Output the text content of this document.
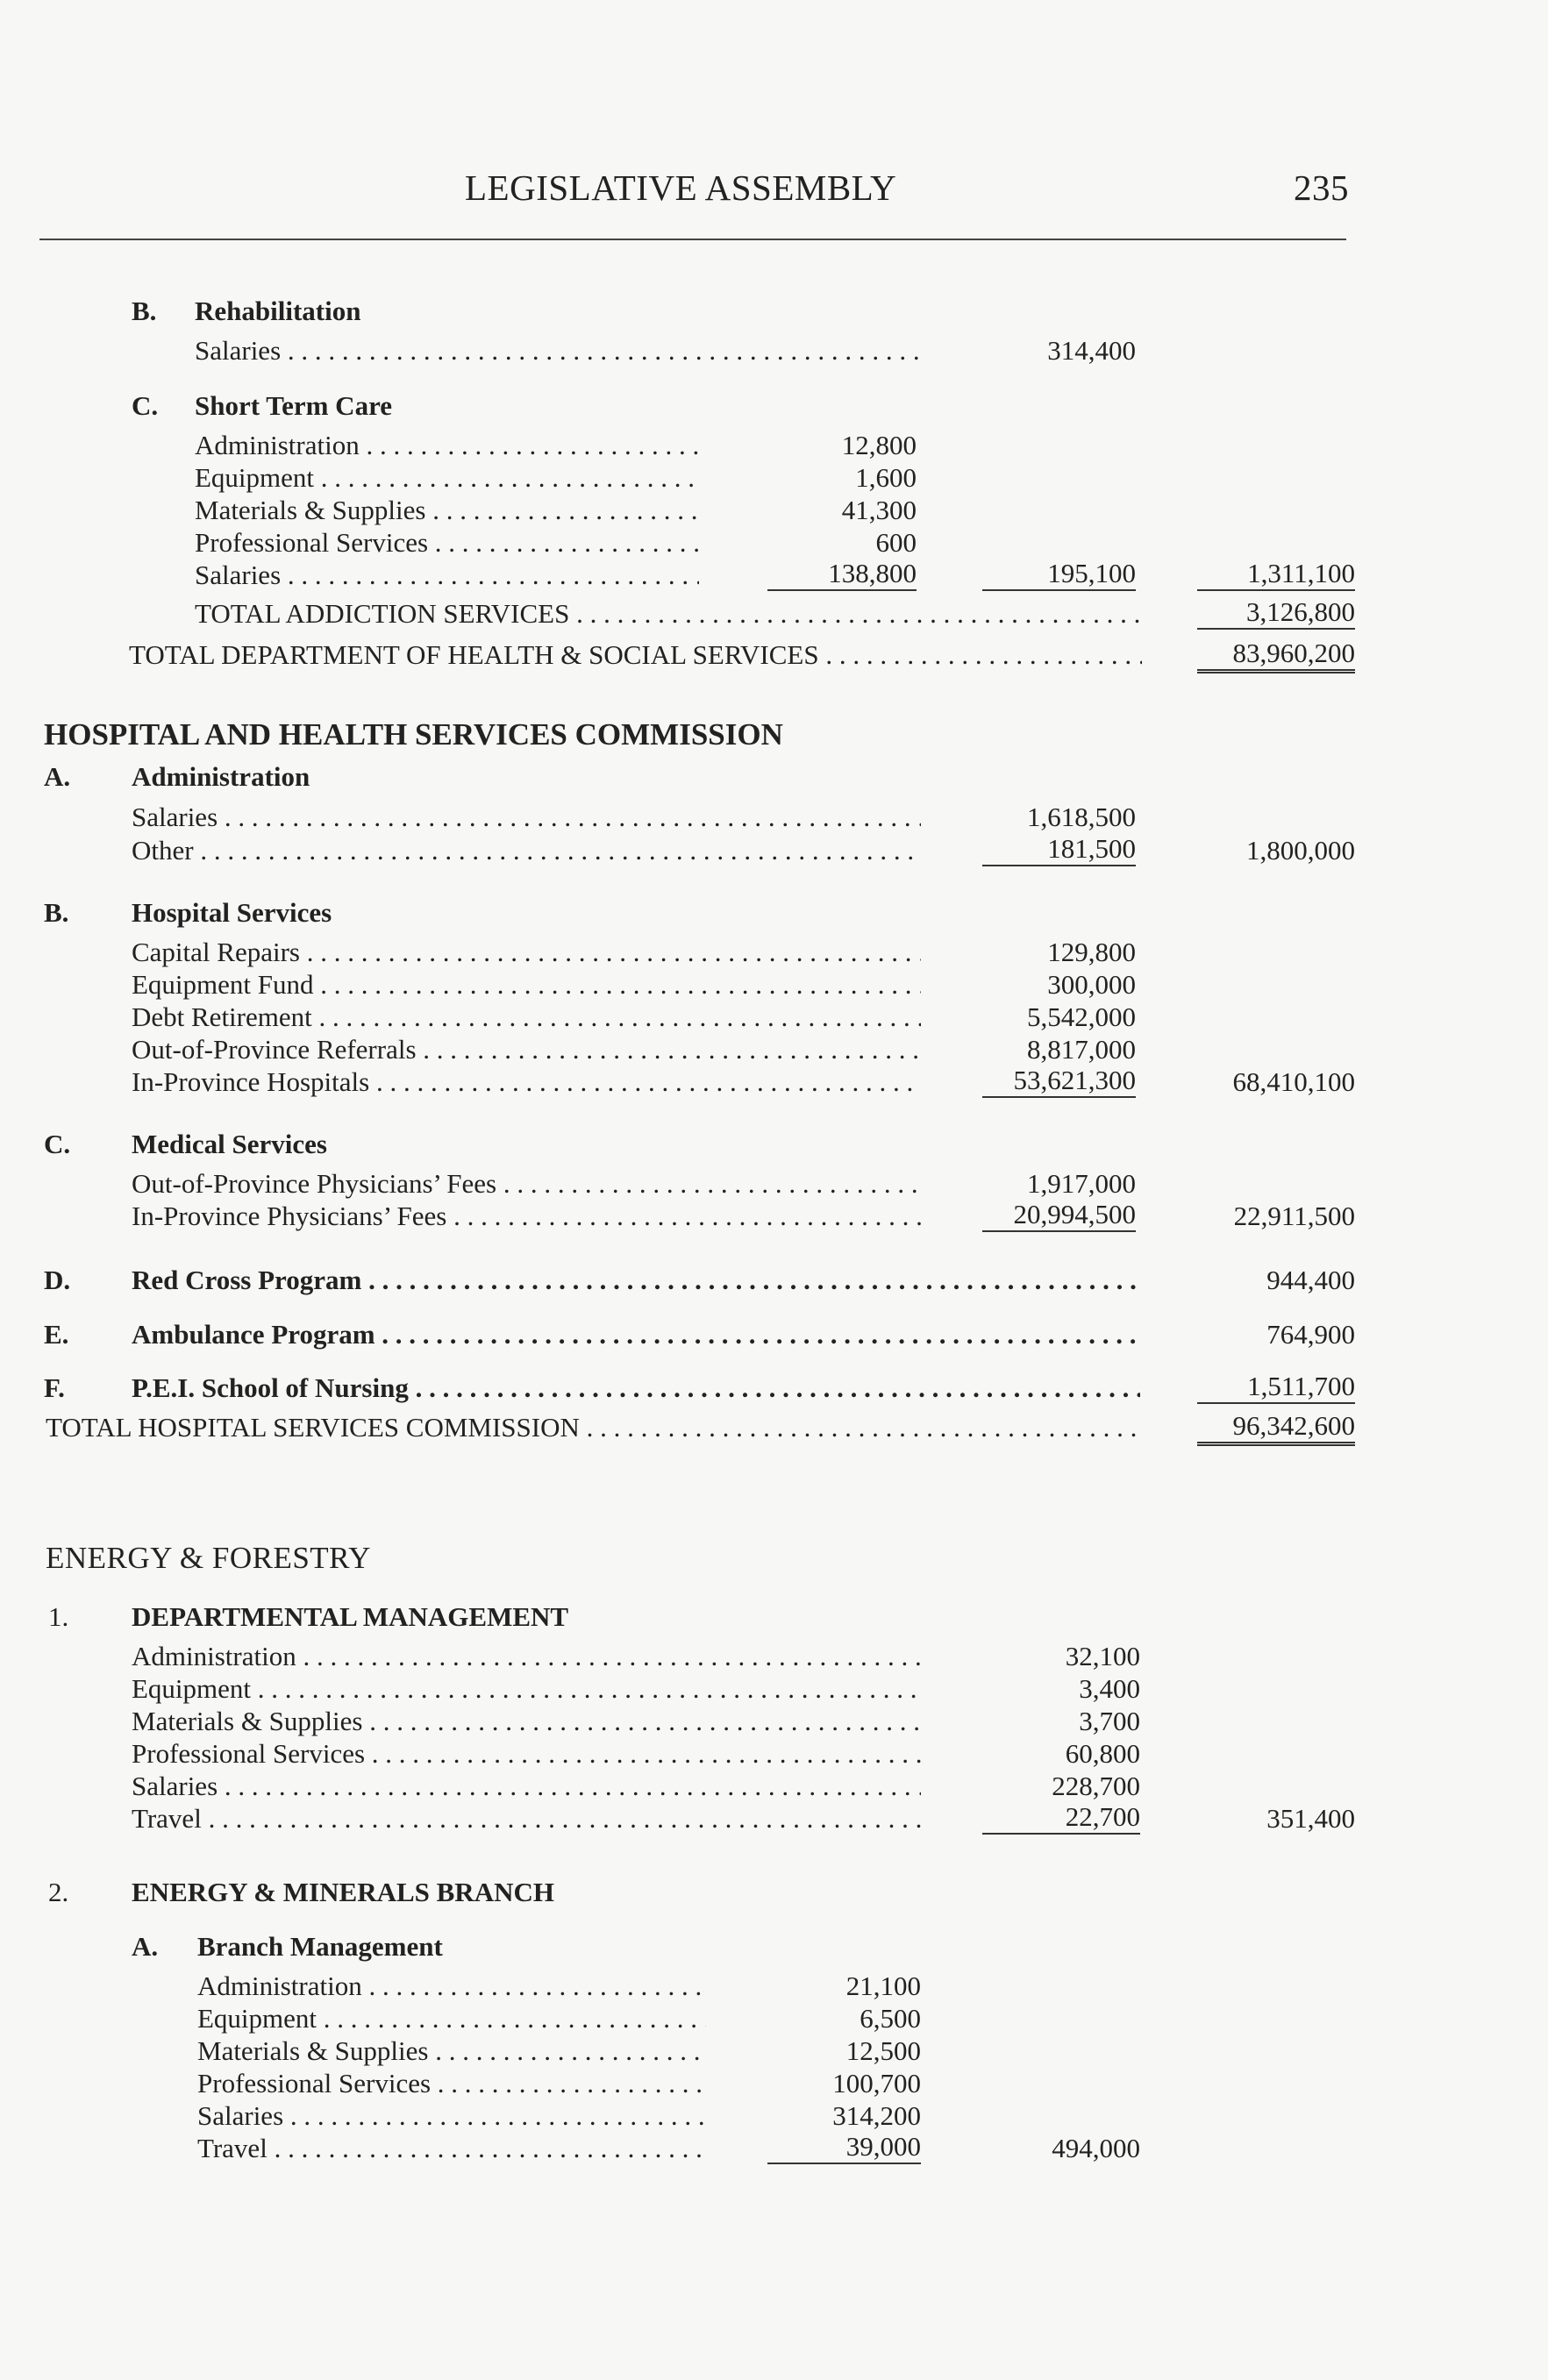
LEGISLATIVE ASSEMBLY	235
B. Rehabilitation
Salaries . . .	314,400
C. Short Term Care
Administration . . .	12,800
Equipment . . .	1,600
Materials & Supplies . . .	41,300
Professional Services . . .	600
Salaries . . .	138,800	195,100	1,311,100
TOTAL ADDICTION SERVICES . . .	3,126,800
TOTAL DEPARTMENT OF HEALTH & SOCIAL SERVICES . . .	83,960,200
HOSPITAL AND HEALTH SERVICES COMMISSION
A. Administration
Salaries . . .	1,618,500
Other . . .	181,500	1,800,000
B. Hospital Services
Capital Repairs . . .	129,800
Equipment Fund . . .	300,000
Debt Retirement . . .	5,542,000
Out-of-Province Referrals . . .	8,817,000
In-Province Hospitals . . .	53,621,300	68,410,100
C. Medical Services
Out-of-Province Physicians’ Fees . . .	1,917,000
In-Province Physicians’ Fees . . .	20,994,500	22,911,500
D. Red Cross Program . . .	944,400
E. Ambulance Program . . .	764,900
F. P.E.I. School of Nursing . . .	1,511,700
TOTAL HOSPITAL SERVICES COMMISSION . . .	96,342,600
ENERGY & FORESTRY
1. DEPARTMENTAL MANAGEMENT
Administration . . .	32,100
Equipment . . .	3,400
Materials & Supplies . . .	3,700
Professional Services . . .	60,800
Salaries . . .	228,700
Travel . . .	22,700	351,400
2. ENERGY & MINERALS BRANCH
A. Branch Management
Administration . . .	21,100
Equipment . . .	6,500
Materials & Supplies . . .	12,500
Professional Services . . .	100,700
Salaries . . .	314,200
Travel . . .	39,000	494,000
